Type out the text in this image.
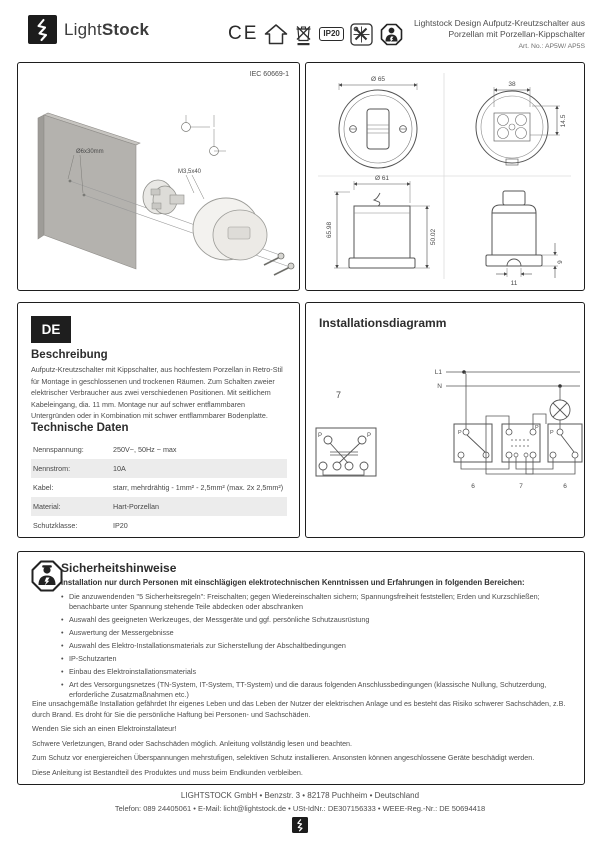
LightStock	CE	IP20
Lightstock Design Aufputz-Kreutzschalter aus
Porzellan mit Porzellan-Kippschalter
Art. No.: AP5W/ AP5S
IEC 60669-1
Ø6x30mm
M3,5x40
Ø 65
38
14.5
Ø 61
65.98	50.02
9
11
DE
Beschreibung
Aufputz-Kreutzschalter mit Kippschalter, aus hochfestem Porzellan in Retro-Stil für Montage in geschlossenen und trockenen Räumen. Zum Schalten zweier elektrischer Verbraucher aus zwei verschiedenen Positionen. Mit seitlichem Kabeleingang, dia. 11 mm. Montage nur auf schwer entflammbaren Untergründen oder in Kombination mit schwer entflammbarer Bodenplatte.
Technische Daten
Nennspannung:	250V~, 50Hz ~ max
Nennstrom:	10A
Kabel:	starr, mehrdrähtig - 1mm² - 2,5mm² (max. 2x 2,5mm²)
Material:	Hart-Porzellan
Schutzklasse:	IP20
Installationsdiagramm
7
P	P
L1
N
P
P
P
6	7	6
Sicherheitshinweise
Installation nur durch Personen mit einschlägigen elektrotechnischen Kenntnissen und Erfahrungen in folgenden Bereichen:
• Die anzuwendenden "5 Sicherheitsregeln": Freischalten; gegen Wiedereinschalten sichern; Spannungsfreiheit feststellen; Erden und Kurzschließen; benachbarte unter Spannung stehende Teile abdecken oder abschranken
• Auswahl des geeigneten Werkzeuges, der Messgeräte und ggf. persönliche Schutzausrüstung
• Auswertung der Messergebnisse
• Auswahl des Elektro-Installationsmaterials zur Sicherstellung der Abschaltbedingungen
• IP-Schutzarten
• Einbau des Elektroinstallationsmaterials
• Art des Versorgungsnetzes (TN-System, IT-System, TT-System) und die daraus folgenden Anschlussbedingungen (klassische Nullung, Schutzerdung, erforderliche Zusatzmaßnahmen etc.)

Eine unsachgemäße Installation gefährdet Ihr eigenes Leben und das Leben der Nutzer der elektrischen Anlage und es besteht das Risiko schwerer Sachschäden, z.B. durch Brand. Es droht für Sie die persönliche Haftung bei Personen- und Sachschäden.

Wenden Sie sich an einen Elektroinstallateur!

Schwere Verletzungen, Brand oder Sachschäden möglich. Anleitung vollständig lesen und beachten.

Zum Schutz vor energiereichen Überspannungen mehrstufigen, selektiven Schutz installieren. Ansonsten können angeschlossene Geräte beschädigt werden.

Diese Anleitung ist Bestandteil des Produktes und muss beim Endkunden verbleiben.

LIGHTSTOCK GmbH • Benzstr. 3 • 82178 Puchheim • Deutschland
Telefon: 089 24405061 • E-Mail: licht@lightstock.de • USt-IdNr.: DE307156333 • WEEE-Reg.-Nr.: DE 50694418
